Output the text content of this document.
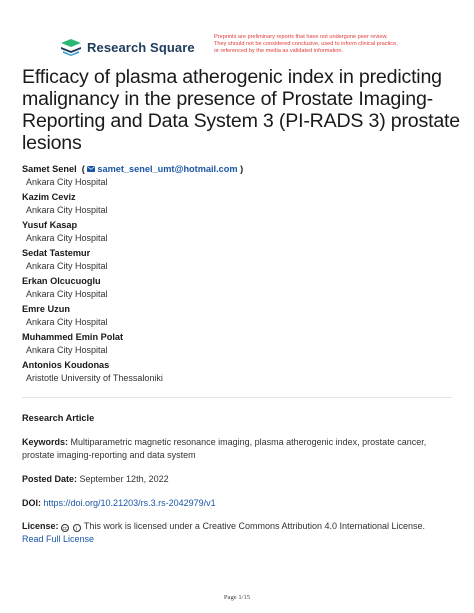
Research Square
Preprints are preliminary reports that have not undergone peer review.
They should not be considered conclusive, used to inform clinical practice,
or referenced by the media as validated information.
Efficacy of plasma atherogenic index in predicting malignancy in the presence of Prostate Imaging-Reporting and Data System 3 (PI-RADS 3) prostate lesions
Samet Senel  ( samet_senel_umt@hotmail.com )
Ankara City Hospital
Kazim Ceviz
Ankara City Hospital
Yusuf Kasap
Ankara City Hospital
Sedat Tastemur
Ankara City Hospital
Erkan Olcucuoglu
Ankara City Hospital
Emre Uzun
Ankara City Hospital
Muhammed Emin Polat
Ankara City Hospital
Antonios Koudonas
Aristotle University of Thessaloniki
Research Article
Keywords: Multiparametric magnetic resonance imaging, plasma atherogenic index, prostate cancer, prostate imaging-reporting and data system
Posted Date: September 12th, 2022
DOI: https://doi.org/10.21203/rs.3.rs-2042979/v1
License: cc i This work is licensed under a Creative Commons Attribution 4.0 International License.
Read Full License
Page 1/15
